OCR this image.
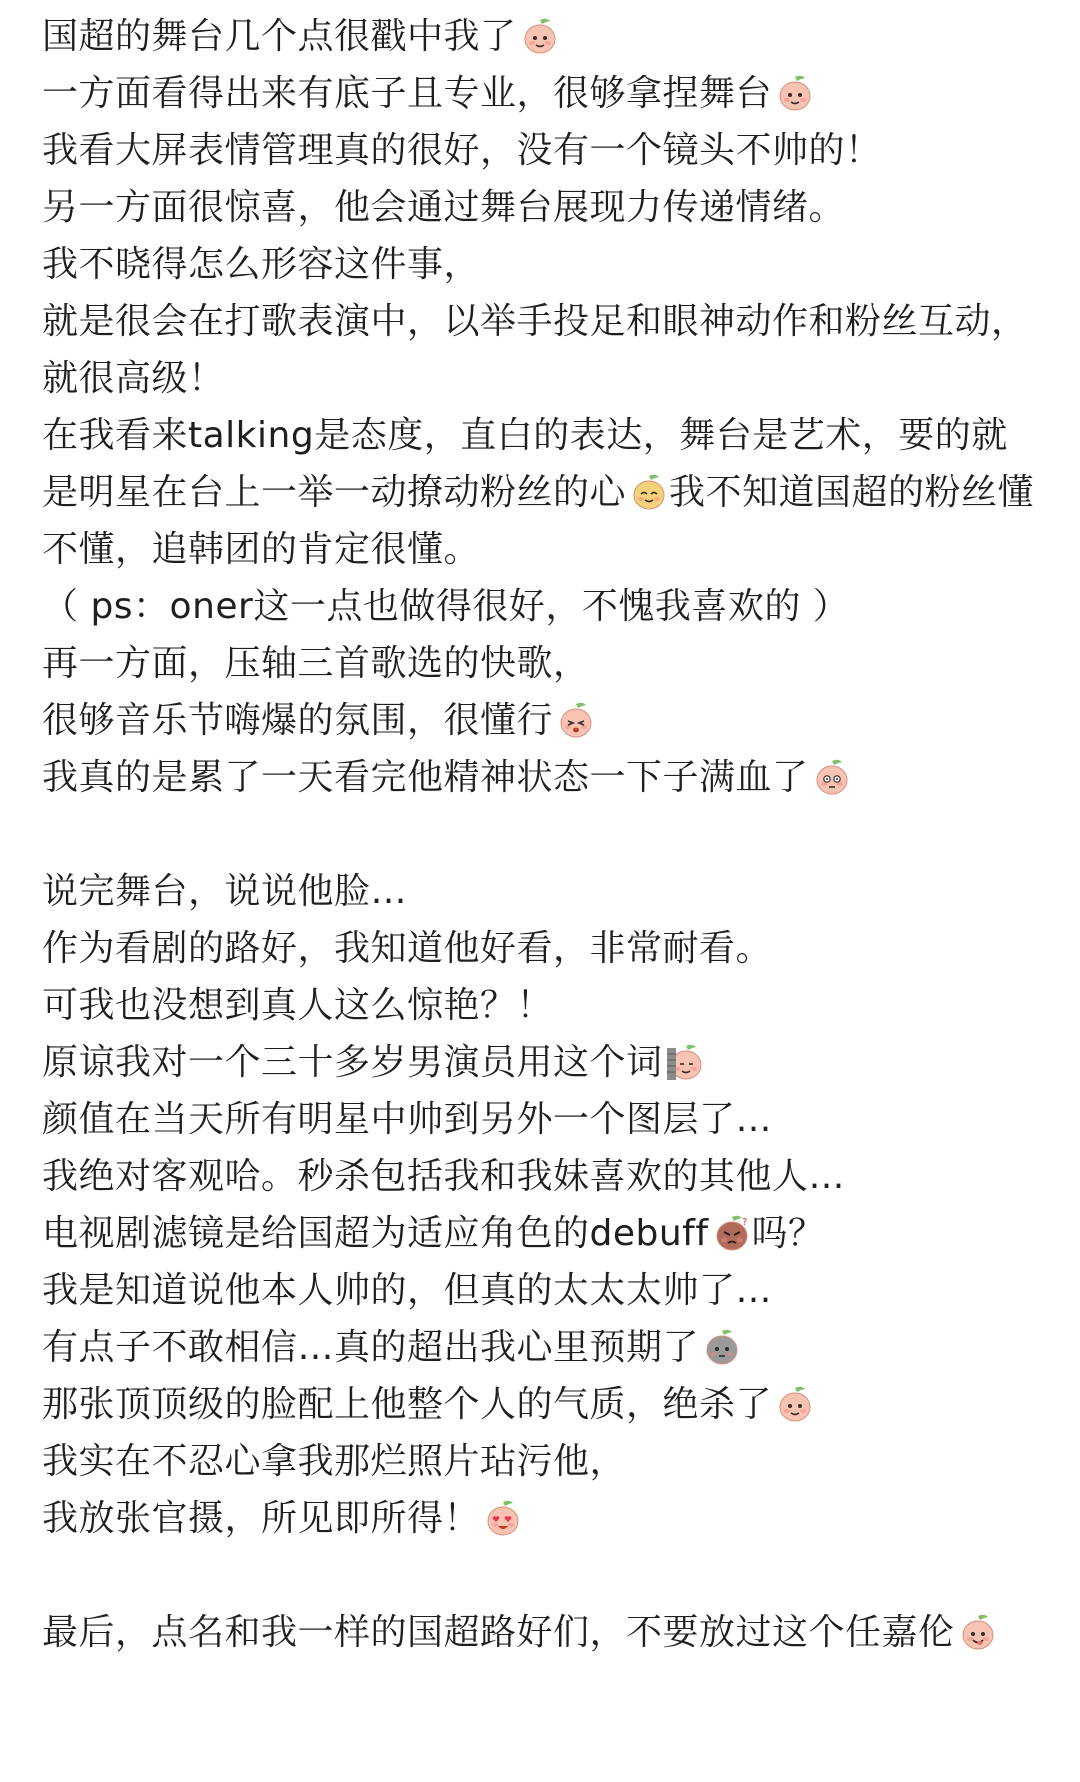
国超的舞台几个点很戳中我了
一方面看得出来有底子且专业，很够拿捏舞台
我看大屏表情管理真的很好，没有一个镜头不帅的！
另一方面很惊喜，他会通过舞台展现力传递情绪。
我不晓得怎么形容这件事，
就是很会在打歌表演中，以举手投足和眼神动作和粉丝互动，就很高级！
在我看来talking是态度，直白的表达，舞台是艺术，要的就是明星在台上一举一动撩动粉丝的心 我不知道国超的粉丝懂不懂，追韩团的肯定很懂。
（ ps：oner这一点也做得很好，不愧我喜欢的 ）
再一方面，压轴三首歌选的快歌，
很够音乐节嗨爆的氛围，很懂行
我真的是累了一天看完他精神状态一下子满血了
说完舞台，说说他脸…
作为看剧的路好，我知道他好看，非常耐看。
可我也没想到真人这么惊艳？！
原谅我对一个三十多岁男演员用这个词
颜值在当天所有明星中帅到另外一个图层了…
我绝对客观哈。秒杀包括我和我妹喜欢的其他人…
电视剧滤镜是给国超为适应角色的debuff	? 吗？
我是知道说他本人帅的，但真的太太太帅了…
有点子不敢相信…真的超出我心里预期了
那张顶顶级的脸配上他整个人的气质，绝杀了
我实在不忍心拿我那烂照片玷污他，
我放张官摄，所见即所得！
最后，点名和我一样的国超路好们，不要放过这个任嘉伦
